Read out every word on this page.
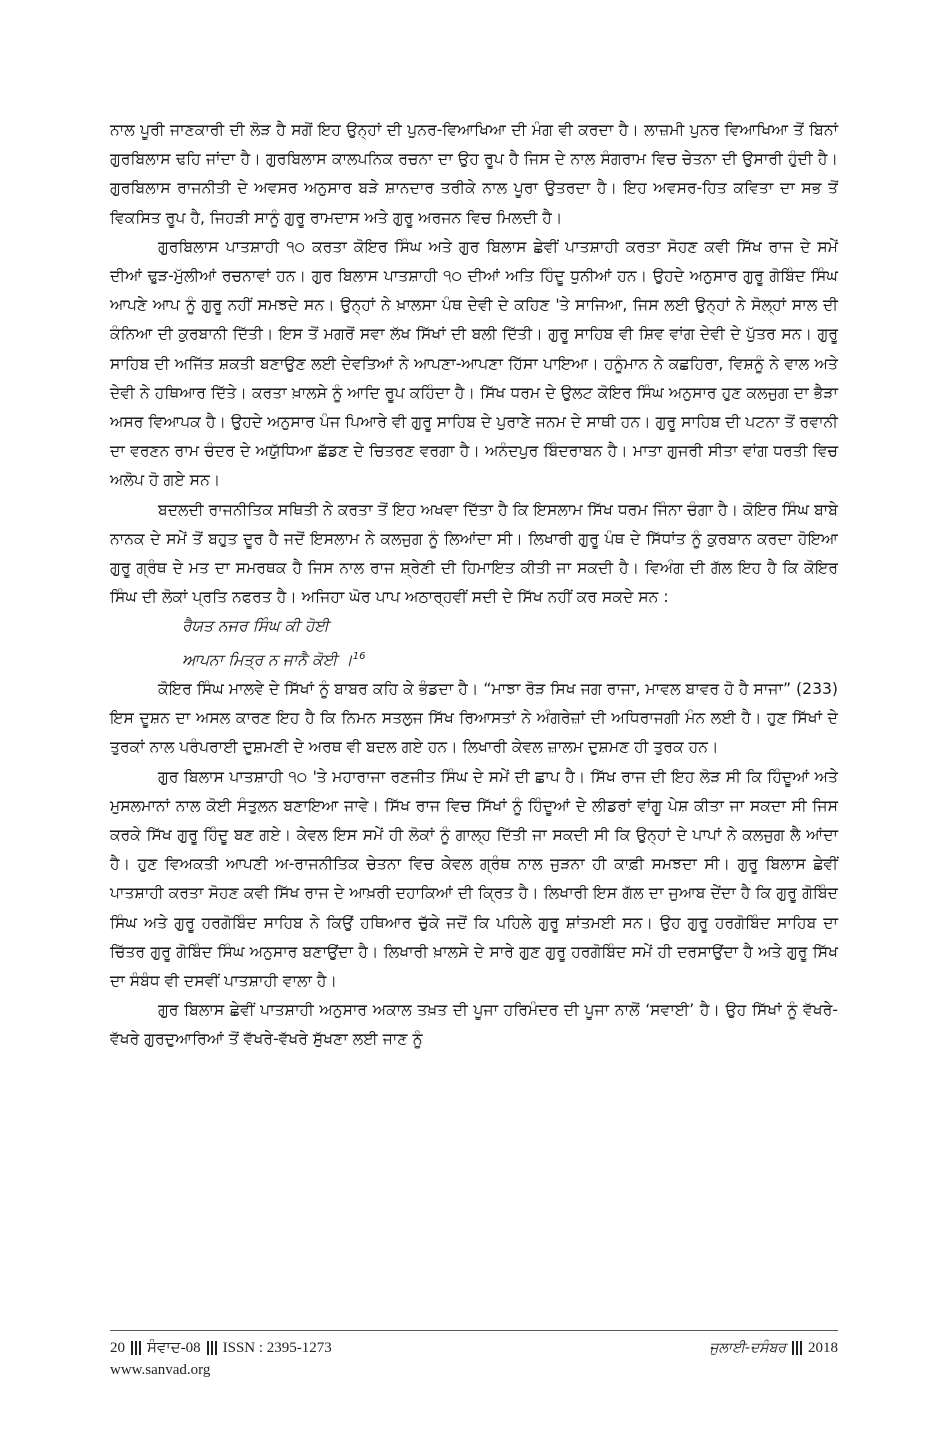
ਨਾਲ ਪੂਰੀ ਜਾਣਕਾਰੀ ਦੀ ਲੋੜ ਹੈ ਸਗੋਂ ਇਹ ਉਨ੍ਹਾਂ ਦੀ ਪੁਨਰ-ਵਿਆਖਿਆ ਦੀ ਮੰਗ ਵੀ ਕਰਦਾ ਹੈ। ਲਾਜ਼ਮੀ ਪੁਨਰ ਵਿਆਖਿਆ ਤੋਂ ਬਿਨਾਂ ਗੁਰਬਿਲਾਸ ਢਹਿ ਜਾਂਦਾ ਹੈ। ਗੁਰਬਿਲਾਸ ਕਾਲਪਨਿਕ ਰਚਨਾ ਦਾ ਉਹ ਰੂਪ ਹੈ ਜਿਸ ਦੇ ਨਾਲ ਸੰਗਰਾਮ ਵਿਚ ਚੇਤਨਾ ਦੀ ਉਸਾਰੀ ਹੁੰਦੀ ਹੈ। ਗੁਰਬਿਲਾਸ ਰਾਜਨੀਤੀ ਦੇ ਅਵਸਰ ਅਨੁਸਾਰ ਬੜੇ ਸ਼ਾਨਦਾਰ ਤਰੀਕੇ ਨਾਲ ਪੂਰਾ ਉਤਰਦਾ ਹੈ। ਇਹ ਅਵਸਰ-ਹਿਤ ਕਵਿਤਾ ਦਾ ਸਭ ਤੋਂ ਵਿਕਸਿਤ ਰੂਪ ਹੈ, ਜਿਹੜੀ ਸਾਨੂੰ ਗੁਰੂ ਰਾਮਦਾਸ ਅਤੇ ਗੁਰੂ ਅਰਜਨ ਵਿਚ ਮਿਲਦੀ ਹੈ।

ਗੁਰਬਿਲਾਸ ਪਾਤਸ਼ਾਹੀ ੧੦ ਕਰਤਾ ਕੋਇਰ ਸਿੰਘ ਅਤੇ ਗੁਰ ਬਿਲਾਸ ਛੇਵੀਂ ਪਾਤਸ਼ਾਹੀ ਕਰਤਾ ਸੋਹਣ ਕਵੀ ਸਿੱਖ ਰਾਜ ਦੇ ਸਮੇਂ ਦੀਆਂ ਢੁੜ-ਮੁੱਲੀਆਂ ਰਚਨਾਵਾਂ ਹਨ। ਗੁਰ ਬਿਲਾਸ ਪਾਤਸ਼ਾਹੀ ੧੦ ਦੀਆਂ ਅਤਿ ਹਿੰਦੂ ਧੁਨੀਆਂ ਹਨ। ਉਹਦੇ ਅਨੁਸਾਰ ਗੁਰੂ ਗੋਬਿੰਦ ਸਿੰਘ ਆਪਣੇ ਆਪ ਨੂੰ ਗੁਰੂ ਨਹੀਂ ਸਮਝਦੇ ਸਨ। ਉਨ੍ਹਾਂ ਨੇ ਖ਼ਾਲਸਾ ਪੰਥ ਦੇਵੀ ਦੇ ਕਹਿਣ 'ਤੇ ਸਾਜਿਆ, ਜਿਸ ਲਈ ਉਨ੍ਹਾਂ ਨੇ ਸੋਲ੍ਹਾਂ ਸਾਲ ਦੀ ਕੰਨਿਆ ਦੀ ਕੁਰਬਾਨੀ ਦਿੱਤੀ। ਇਸ ਤੋਂ ਮਗਰੋਂ ਸਵਾ ਲੱਖ ਸਿੱਖਾਂ ਦੀ ਬਲੀ ਦਿੱਤੀ। ਗੁਰੂ ਸਾਹਿਬ ਵੀ ਸ਼ਿਵ ਵਾਂਗ ਦੇਵੀ ਦੇ ਪੁੱਤਰ ਸਨ। ਗੁਰੂ ਸਾਹਿਬ ਦੀ ਅਜਿੱਤ ਸ਼ਕਤੀ ਬਣਾਉਣ ਲਈ ਦੇਵਤਿਆਂ ਨੇ ਆਪਣਾ-ਆਪਣਾ ਹਿੱਸਾ ਪਾਇਆ। ਹਨੂੰਮਾਨ ਨੇ ਕਛਹਿਰਾ, ਵਿਸ਼ਨੂੰ ਨੇ ਵਾਲ ਅਤੇ ਦੇਵੀ ਨੇ ਹਥਿਆਰ ਦਿੱਤੇ। ਕਰਤਾ ਖ਼ਾਲਸੇ ਨੂੰ ਆਦਿ ਰੂਪ ਕਹਿੰਦਾ ਹੈ। ਸਿੱਖ ਧਰਮ ਦੇ ਉਲਟ ਕੋਇਰ ਸਿੰਘ ਅਨੁਸਾਰ ਹੁਣ ਕਲਜੁਗ ਦਾ ਭੈੜਾ ਅਸਰ ਵਿਆਪਕ ਹੈ। ਉਹਦੇ ਅਨੁਸਾਰ ਪੰਜ ਪਿਆਰੇ ਵੀ ਗੁਰੂ ਸਾਹਿਬ ਦੇ ਪੁਰਾਣੇ ਜਨਮ ਦੇ ਸਾਥੀ ਹਨ। ਗੁਰੂ ਸਾਹਿਬ ਦੀ ਪਟਨਾ ਤੋਂ ਰਵਾਨੀ ਦਾ ਵਰਣਨ ਰਾਮ ਚੰਦਰ ਦੇ ਅਯੁੱਧਿਆ ਛੱਡਣ ਦੇ ਚਿਤਰਣ ਵਰਗਾ ਹੈ। ਅਨੰਦਪੁਰ ਬਿੰਦਰਾਬਨ ਹੈ। ਮਾਤਾ ਗੁਜਰੀ ਸੀਤਾ ਵਾਂਗ ਧਰਤੀ ਵਿਚ ਅਲੋਪ ਹੋ ਗਏ ਸਨ।

ਬਦਲਦੀ ਰਾਜਨੀਤਿਕ ਸਥਿਤੀ ਨੇ ਕਰਤਾ ਤੋਂ ਇਹ ਅਖਵਾ ਦਿੱਤਾ ਹੈ ਕਿ ਇਸਲਾਮ ਸਿੱਖ ਧਰਮ ਜਿੰਨਾ ਚੰਗਾ ਹੈ। ਕੋਇਰ ਸਿੰਘ ਬਾਬੇ ਨਾਨਕ ਦੇ ਸਮੇਂ ਤੋਂ ਬਹੁਤ ਦੂਰ ਹੈ ਜਦੋਂ ਇਸਲਾਮ ਨੇ ਕਲਜੁਗ ਨੂੰ ਲਿਆਂਦਾ ਸੀ। ਲਿਖਾਰੀ ਗੁਰੂ ਪੰਥ ਦੇ ਸਿੱਧਾਂਤ ਨੂੰ ਕੁਰਬਾਨ ਕਰਦਾ ਹੋਇਆ ਗੁਰੂ ਗ੍ਰੰਥ ਦੇ ਮਤ ਦਾ ਸਮਰਥਕ ਹੈ ਜਿਸ ਨਾਲ ਰਾਜ ਸ਼੍ਰੇਣੀ ਦੀ ਹਿਮਾਇਤ ਕੀਤੀ ਜਾ ਸਕਦੀ ਹੈ। ਵਿਅੰਗ ਦੀ ਗੱਲ ਇਹ ਹੈ ਕਿ ਕੋਇਰ ਸਿੰਘ ਦੀ ਲੋਕਾਂ ਪ੍ਰਤਿ ਨਫਰਤ ਹੈ। ਅਜਿਹਾ ਘੋਰ ਪਾਪ ਅਠਾਰ੍ਹਵੀਂ ਸਦੀ ਦੇ ਸਿੱਖ ਨਹੀਂ ਕਰ ਸਕਦੇ ਸਨ :

ਰੈਯਤ ਨਜਰ ਸਿੰਘ ਕੀ ਹੋਈ

ਆਪਨਾ ਮਿਤ੍ਰ ਨ ਜਾਨੈ ਕੋਈ ।$^{16}$

ਕੋਇਰ ਸਿੰਘ ਮਾਲਵੇ ਦੇ ਸਿੱਖਾਂ ਨੂੰ ਬਾਬਰ ਕਹਿ ਕੇ ਭੰਡਦਾ ਹੈ। “ਮਾਝਾ ਰੋੜ ਸਿਖ ਜਗ ਰਾਜਾ, ਮਾਵਲ ਬਾਵਰ ਹੋ ਹੈ ਸਾਜਾ” (233) ਇਸ ਦੂਸ਼ਨ ਦਾ ਅਸਲ ਕਾਰਣ ਇਹ ਹੈ ਕਿ ਨਿਮਨ ਸਤਲੁਜ ਸਿੱਖ ਰਿਆਸਤਾਂ ਨੇ ਅੰਗਰੇਜ਼ਾਂ ਦੀ ਅਧਿਰਾਜਗੀ ਮੰਨ ਲਈ ਹੈ। ਹੁਣ ਸਿੱਖਾਂ ਦੇ ਤੁਰਕਾਂ ਨਾਲ ਪਰੰਪਰਾਈ ਦੁਸ਼ਮਣੀ ਦੇ ਅਰਥ ਵੀ ਬਦਲ ਗਏ ਹਨ। ਲਿਖਾਰੀ ਕੇਵਲ ਜ਼ਾਲਮ ਦੁਸ਼ਮਣ ਹੀ ਤੁਰਕ ਹਨ।

ਗੁਰ ਬਿਲਾਸ ਪਾਤਸ਼ਾਹੀ ੧੦ 'ਤੇ ਮਹਾਰਾਜਾ ਰਣਜੀਤ ਸਿੰਘ ਦੇ ਸਮੇਂ ਦੀ ਛਾਪ ਹੈ। ਸਿੱਖ ਰਾਜ ਦੀ ਇਹ ਲੋੜ ਸੀ ਕਿ ਹਿੰਦੂਆਂ ਅਤੇ ਮੁਸਲਮਾਨਾਂ ਨਾਲ ਕੋਈ ਸੰਤੁਲਨ ਬਣਾਇਆ ਜਾਵੇ। ਸਿੱਖ ਰਾਜ ਵਿਚ ਸਿੱਖਾਂ ਨੂੰ ਹਿੰਦੂਆਂ ਦੇ ਲੀਡਰਾਂ ਵਾਂਗੂ ਪੇਸ਼ ਕੀਤਾ ਜਾ ਸਕਦਾ ਸੀ ਜਿਸ ਕਰਕੇ ਸਿੱਖ ਗੁਰੂ ਹਿੰਦੂ ਬਣ ਗਏ। ਕੇਵਲ ਇਸ ਸਮੇਂ ਹੀ ਲੋਕਾਂ ਨੂੰ ਗਾਲ੍ਹ ਦਿੱਤੀ ਜਾ ਸਕਦੀ ਸੀ ਕਿ ਉਨ੍ਹਾਂ ਦੇ ਪਾਪਾਂ ਨੇ ਕਲਜੁਗ ਲੈ ਆਂਦਾ ਹੈ। ਹੁਣ ਵਿਅਕਤੀ ਆਪਣੀ ਅ-ਰਾਜਨੀਤਿਕ ਚੇਤਨਾ ਵਿਚ ਕੇਵਲ ਗ੍ਰੰਥ ਨਾਲ ਜੁੜਨਾ ਹੀ ਕਾਫ਼ੀ ਸਮਝਦਾ ਸੀ। ਗੁਰੂ ਬਿਲਾਸ ਛੇਵੀਂ ਪਾਤਸ਼ਾਹੀ ਕਰਤਾ ਸੋਹਣ ਕਵੀ ਸਿੱਖ ਰਾਜ ਦੇ ਆਖ਼ਰੀ ਦਹਾਕਿਆਂ ਦੀ ਕ੍ਰਿਤ ਹੈ। ਲਿਖਾਰੀ ਇਸ ਗੱਲ ਦਾ ਜੁਆਬ ਦੇਂਦਾ ਹੈ ਕਿ ਗੁਰੂ ਗੋਬਿੰਦ ਸਿੰਘ ਅਤੇ ਗੁਰੂ ਹਰਗੋਬਿੰਦ ਸਾਹਿਬ ਨੇ ਕਿਉਂ ਹਥਿਆਰ ਚੁੱਕੇ ਜਦੋਂ ਕਿ ਪਹਿਲੇ ਗੁਰੂ ਸ਼ਾਂਤਮਈ ਸਨ। ਉਹ ਗੁਰੂ ਹਰਗੋਬਿੰਦ ਸਾਹਿਬ ਦਾ ਚਿੱਤਰ ਗੁਰੂ ਗੋਬਿੰਦ ਸਿੰਘ ਅਨੁਸਾਰ ਬਣਾਉਂਦਾ ਹੈ। ਲਿਖਾਰੀ ਖ਼ਾਲਸੇ ਦੇ ਸਾਰੇ ਗੁਣ ਗੁਰੂ ਹਰਗੋਬਿੰਦ ਸਮੇਂ ਹੀ ਦਰਸਾਉਂਦਾ ਹੈ ਅਤੇ ਗੁਰੂ ਸਿੱਖ ਦਾ ਸੰਬੰਧ ਵੀ ਦਸਵੀਂ ਪਾਤਸ਼ਾਹੀ ਵਾਲਾ ਹੈ।

ਗੁਰ ਬਿਲਾਸ ਛੇਵੀਂ ਪਾਤਸ਼ਾਹੀ ਅਨੁਸਾਰ ਅਕਾਲ ਤਖ਼ਤ ਦੀ ਪੂਜਾ ਹਰਿਮੰਦਰ ਦੀ ਪੂਜਾ ਨਾਲੋਂ ‘ਸਵਾਈ’ ਹੈ। ਉਹ ਸਿੱਖਾਂ ਨੂੰ ਵੱਖਰੇ-ਵੱਖਰੇ ਗੁਰਦੁਆਰਿਆਂ ਤੋਂ ਵੱਖਰੇ-ਵੱਖਰੇ ਸੁੱਖਣਾ ਲਈ ਜਾਣ ਨੂੰ

20 ਸੰਵਾਦ-08 ISSN : 2395-1273	ਜੁਲਾਈ-ਦਸੰਬਰ 2018
www.sanvad.org
